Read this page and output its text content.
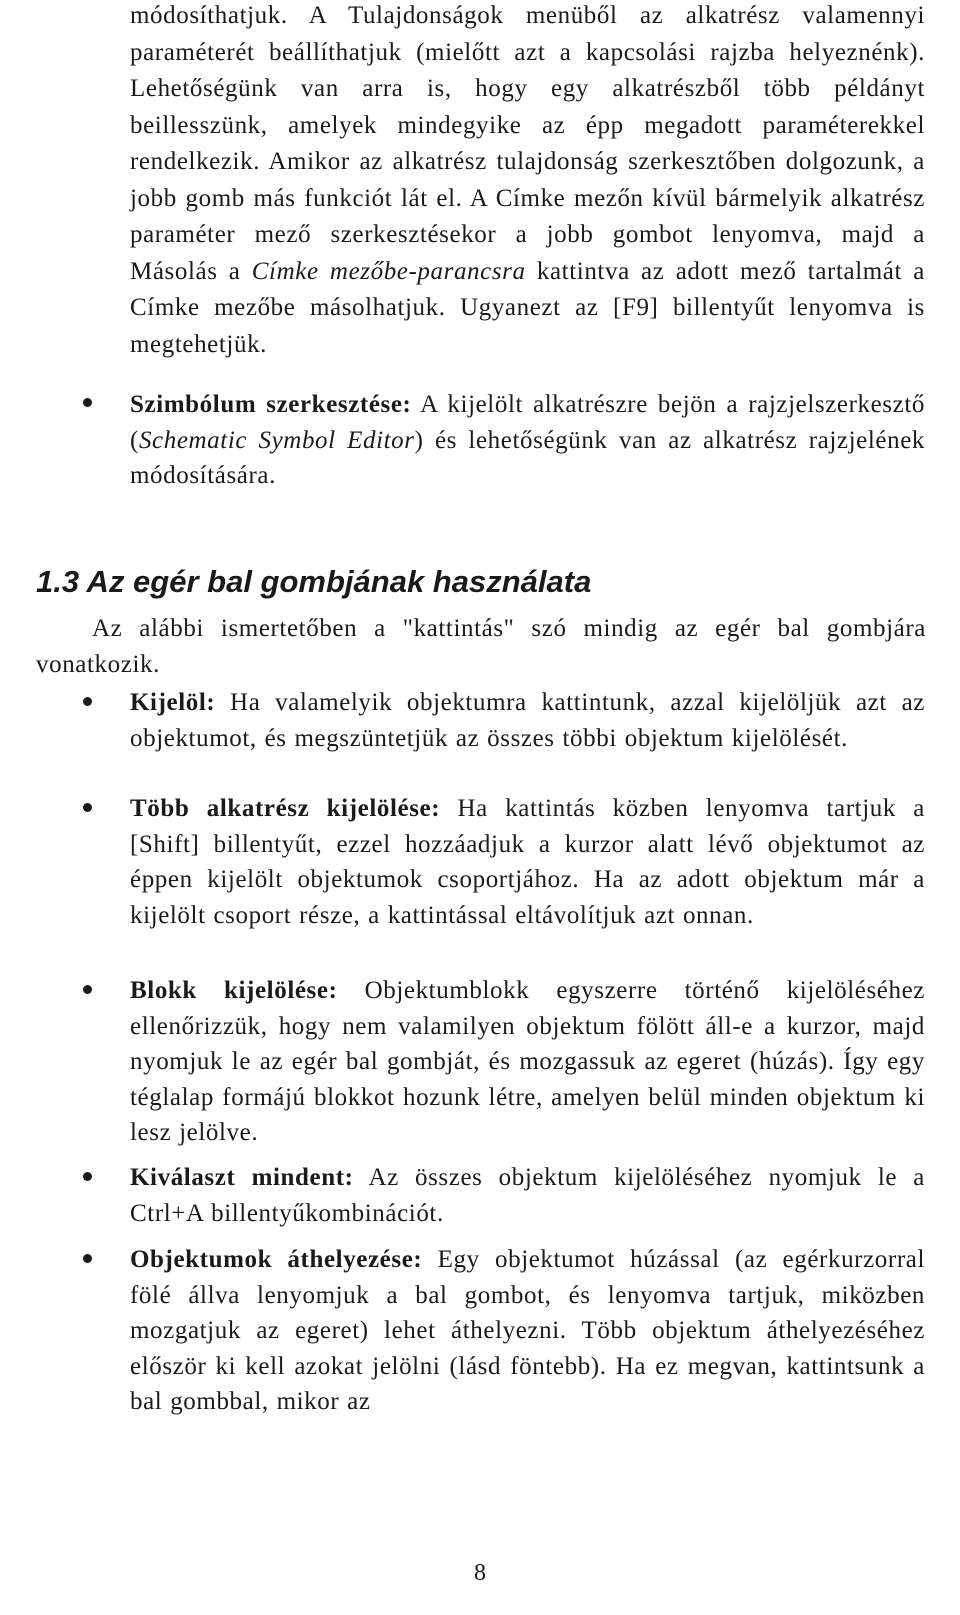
módosíthatjuk. A Tulajdonságok menüből az alkatrész valamennyi paraméterét beállíthatjuk (mielőtt azt a kapcsolási rajzba helyeznénk). Lehetőségünk van arra is, hogy egy alkatrészből több példányt beillesszünk, amelyek mindegyike az épp megadott paraméterekkel rendelkezik. Amikor az alkatrész tulajdonság szerkesztőben dolgozunk, a jobb gomb más funkciót lát el. A Címke mezőn kívül bármelyik alkatrész paraméter mező szerkesztésekor a jobb gombot lenyomva, majd a Másolás a Címke mezőbe-parancsra kattintva az adott mező tartalmát a Címke mezőbe másolhatjuk. Ugyanezt az [F9] billentyűt lenyomva is megtehetjük.

Szimbólum szerkesztése: A kijelölt alkatrészre bejön a rajzjelszerkesztő (Schematic Symbol Editor) és lehetőségünk van az alkatrész rajzjelének módosítására.

1.3 Az egér bal gombjának használata

Az alábbi ismertetőben a "kattintás" szó mindig az egér bal gombjára vonatkozik.

Kijelöl: Ha valamelyik objektumra kattintunk, azzal kijelöljük azt az objektumot, és megszüntetjük az összes többi objektum kijelölését.

Több alkatrész kijelölése: Ha kattintás közben lenyomva tartjuk a [Shift] billentyűt, ezzel hozzáadjuk a kurzor alatt lévő objektumot az éppen kijelölt objektumok csoportjához. Ha az adott objektum már a kijelölt csoport része, a kattintással eltávolítjuk azt onnan.

Blokk kijelölése: Objektumblokk egyszerre történő kijelöléséhez ellenőrizzük, hogy nem valamilyen objektum fölött áll-e a kurzor, majd nyomjuk le az egér bal gombját, és mozgassuk az egeret (húzás). Így egy téglalap formájú blokkot hozunk létre, amelyen belül minden objektum ki lesz jelölve.

Kiválaszt mindent: Az összes objektum kijelöléséhez nyomjuk le a Ctrl+A billentyűkombinációt.

Objektumok áthelyezése: Egy objektumot húzással (az egérkurzorral fölé állva lenyomjuk a bal gombot, és lenyomva tartjuk, miközben mozgatjuk az egeret) lehet áthelyezni. Több objektum áthelyezéséhez először ki kell azokat jelölni (lásd föntebb). Ha ez megvan, kattintsunk a bal gombbal, mikor az

8
